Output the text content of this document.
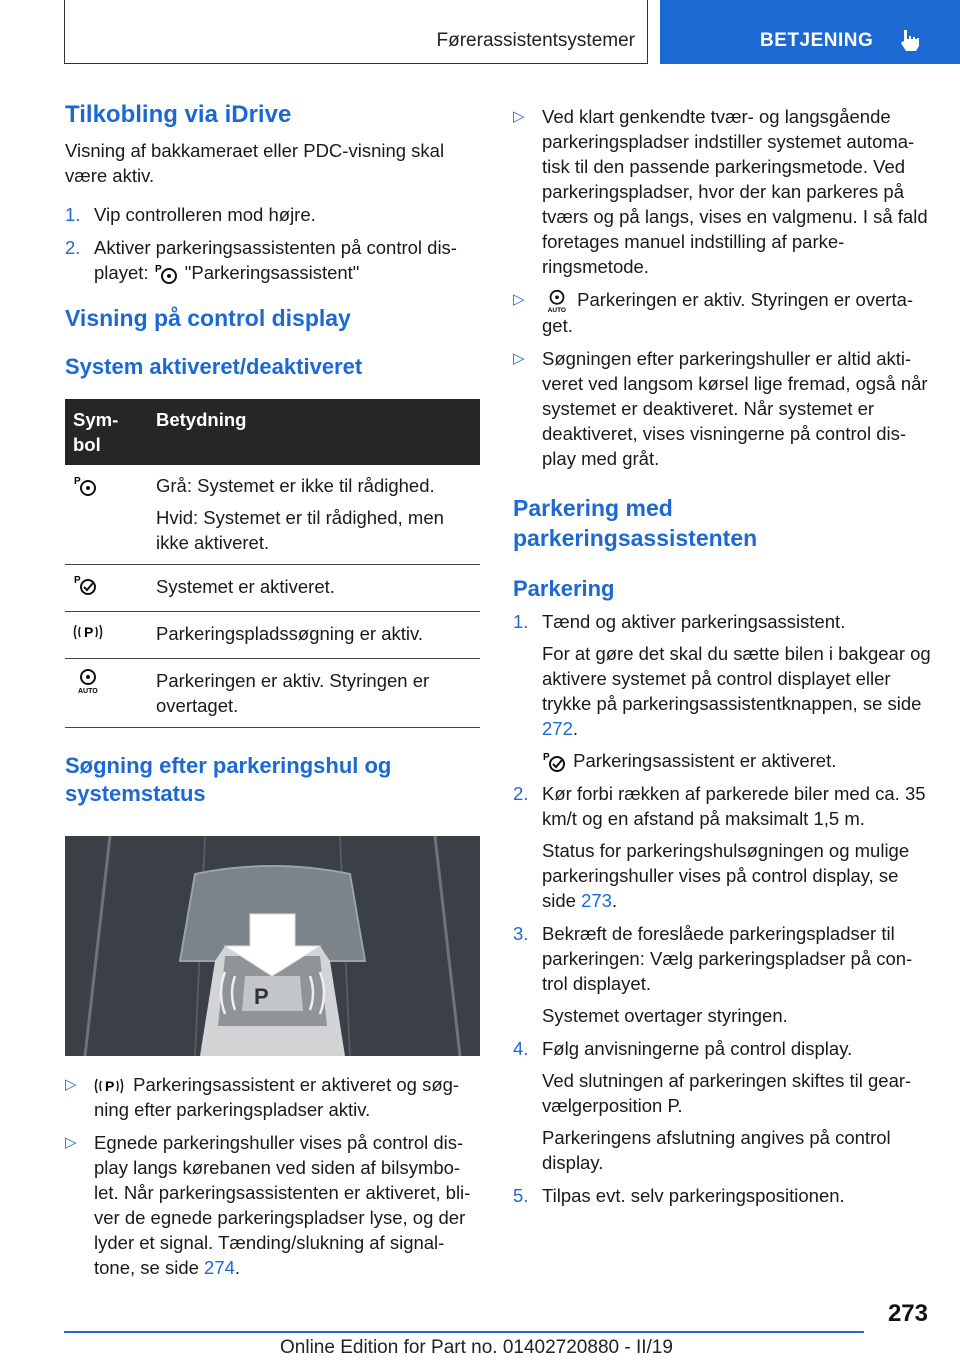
Førerassistentsystemer	BETJENING
Tilkobling via iDrive

Visning af bakkameraet eller PDC-visning skal være aktiv.

1. Vip controlleren mod højre.
2. Aktiver parkeringsassistenten på control dis-
playet: P "Parkeringsassistent"
Visning på control display
System aktiveret/deaktiveret
Sym-
bol	Betydning

P	Grå: Systemet er ikke til rådighed.
Hvid: Systemet er til rådighed, men ikke aktiveret.

P	Systemet er aktiveret.

P	Parkeringspladssøgning er aktiv.

AUTO	Parkeringen er aktiv. Styringen er overtaget.
Søgning efter parkeringshul og systemstatus
P
▷ P Parkeringsassistent er aktiveret og søg-ning efter parkeringspladser aktiv.
▷ Egnede parkeringshuller vises på control dis-play langs kørebanen ved siden af bilsymbo-let. Når parkeringsassistenten er aktiveret, bli-ver de egnede parkeringspladser lyse, og der lyder et signal. Tænding/slukning af signal-tone, se side 274.
▷ Ved klart genkendte tvær- og langsgående parkeringspladser indstiller systemet automa-tisk til den passende parkeringsmetode. Ved parkeringspladser, hvor der kan parkeres på tværs og på langs, vises en valgmenu. I så fald foretages manuel indstilling af parke-ringsmetode.
▷
AUTO
Parkeringen er aktiv. Styringen er overta-get.
▷ Søgningen efter parkeringshuller er altid akti-veret ved langsom kørsel lige fremad, også når systemet er deaktiveret. Når systemet er deaktiveret, vises visningerne på control dis-play med gråt.
Parkering med parkeringsassistenten
Parkering
1. Tænd og aktiver parkeringsassistent.
For at gøre det skal du sætte bilen i bakgear og aktivere systemet på control displayet eller trykke på parkeringsassistentknappen, se side 272.
P Parkeringsassistent er aktiveret.
2. Kør forbi rækken af parkerede biler med ca. 35 km/t og en afstand på maksimalt 1,5 m.
Status for parkeringshulsøgningen og mulige parkeringshuller vises på control display, se side 273.
3. Bekræft de foreslåede parkeringspladser til parkeringen: Vælg parkeringspladser på con-trol displayet.
Systemet overtager styringen.
4. Følg anvisningerne på control display.
Ved slutningen af parkeringen skiftes til gear-vælgerposition P.
Parkeringens afslutning angives på control display.
5. Tilpas evt. selv parkeringspositionen.
273
Online Edition for Part no. 01402720880 - II/19
